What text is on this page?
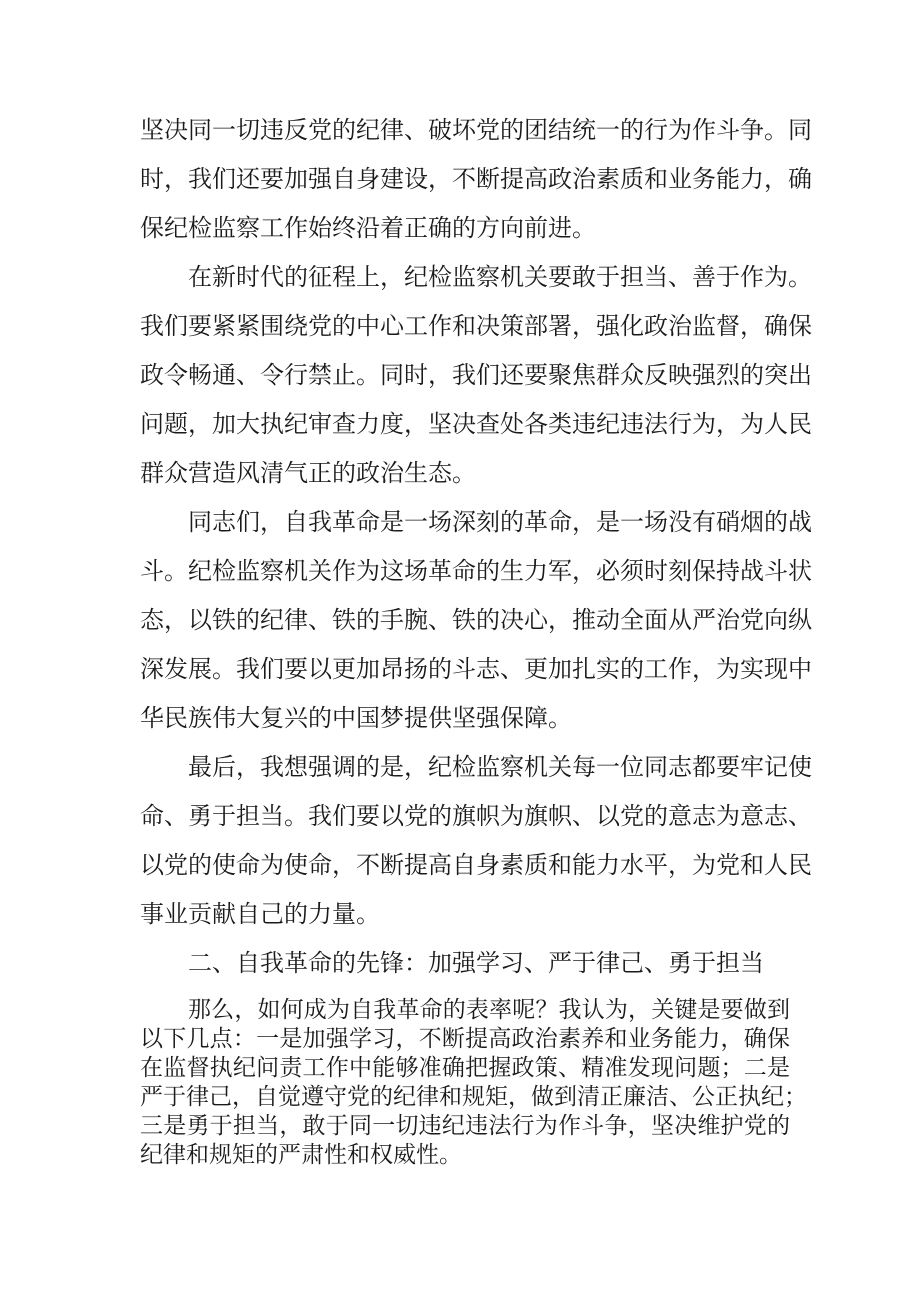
坚决同一切违反党的纪律、破坏党的团结统一的行为作斗争。同
时，我们还要加强自身建设，不断提高政治素质和业务能力，确
保纪检监察工作始终沿着正确的方向前进。
在新时代的征程上，纪检监察机关要敢于担当、善于作为。
我们要紧紧围绕党的中心工作和决策部署，强化政治监督，确保
政令畅通、令行禁止。同时，我们还要聚焦群众反映强烈的突出
问题，加大执纪审查力度，坚决查处各类违纪违法行为，为人民
群众营造风清气正的政治生态。
同志们，自我革命是一场深刻的革命，是一场没有硝烟的战
斗。纪检监察机关作为这场革命的生力军，必须时刻保持战斗状
态，以铁的纪律、铁的手腕、铁的决心，推动全面从严治党向纵
深发展。我们要以更加昂扬的斗志、更加扎实的工作，为实现中
华民族伟大复兴的中国梦提供坚强保障。
最后，我想强调的是，纪检监察机关每一位同志都要牢记使
命、勇于担当。我们要以党的旗帜为旗帜、以党的意志为意志、
以党的使命为使命，不断提高自身素质和能力水平，为党和人民
事业贡献自己的力量。
二、自我革命的先锋：加强学习、严于律己、勇于担当
那么，如何成为自我革命的表率呢？我认为，关键是要做到
以下几点：一是加强学习，不断提高政治素养和业务能力，确保
在监督执纪问责工作中能够准确把握政策、精准发现问题；二是
严于律己，自觉遵守党的纪律和规矩，做到清正廉洁、公正执纪；
三是勇于担当，敢于同一切违纪违法行为作斗争，坚决维护党的
纪律和规矩的严肃性和权威性。
